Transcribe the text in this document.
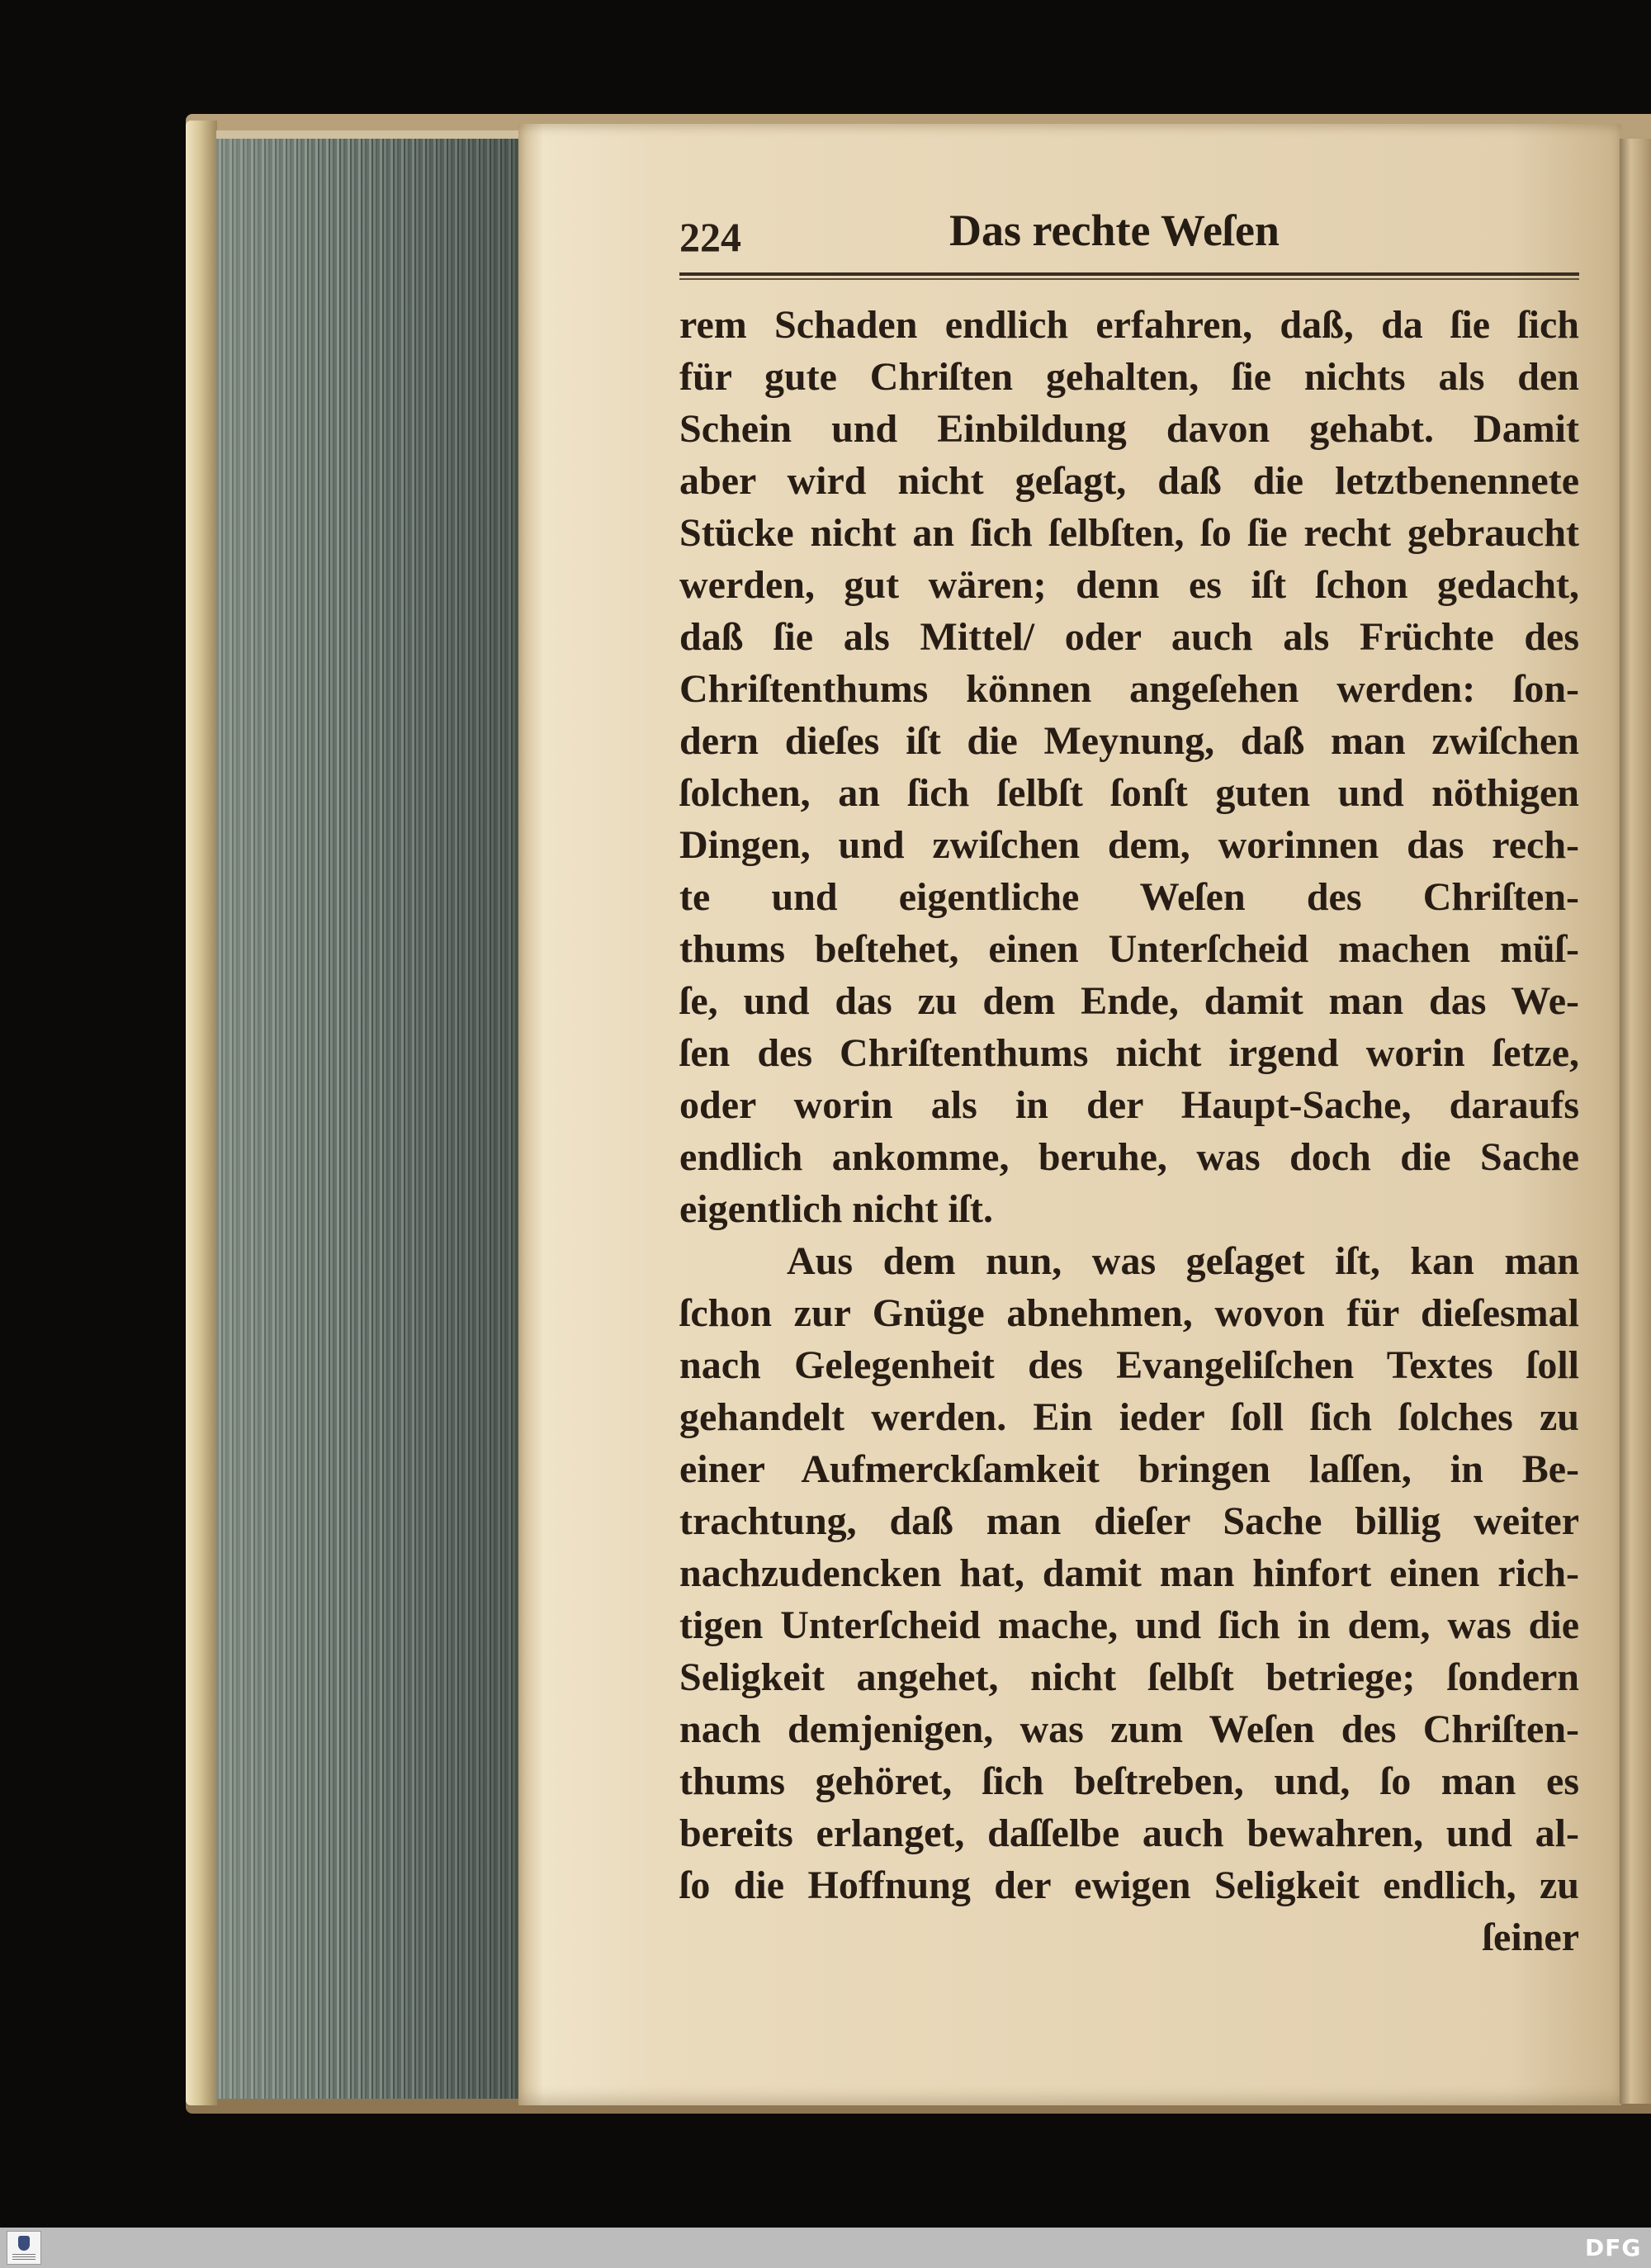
224	Das rechte Weſen
rem Schaden endlich erfahren, daß, da ſie ſich
für gute Chriſten gehalten, ſie nichts als den
Schein und Einbildung davon gehabt. Damit
aber wird nicht geſagt, daß die letztbenennete
Stücke nicht an ſich ſelbſten, ſo ſie recht gebraucht
werden, gut wären; denn es iſt ſchon gedacht,
daß ſie als Mittel/ oder auch als Früchte des
Chriſtenthums können angeſehen werden: ſon-
dern dieſes iſt die Meynung, daß man zwiſchen
ſolchen, an ſich ſelbſt ſonſt guten und nöthigen
Dingen, und zwiſchen dem, worinnen das rech-
te und eigentliche Weſen des Chriſten-
thums beſtehet, einen Unterſcheid machen müſ-
ſe, und das zu dem Ende, damit man das We-
ſen des Chriſtenthums nicht irgend worin ſetze,
oder worin als in der Haupt-Sache, daraufs
endlich ankomme, beruhe, was doch die Sache
eigentlich nicht iſt.
Aus dem nun, was geſaget iſt, kan man
ſchon zur Gnüge abnehmen, wovon für dieſesmal
nach Gelegenheit des Evangeliſchen Textes ſoll
gehandelt werden. Ein ieder ſoll ſich ſolches zu
einer Aufmerckſamkeit bringen laſſen, in Be-
trachtung, daß man dieſer Sache billig weiter
nachzudencken hat, damit man hinfort einen rich-
tigen Unterſcheid mache, und ſich in dem, was die
Seligkeit angehet, nicht ſelbſt betriege; ſondern
nach demjenigen, was zum Weſen des Chriſten-
thums gehöret, ſich beſtreben, und, ſo man es
bereits erlanget, daſſelbe auch bewahren, und al-
ſo die Hoffnung der ewigen Seligkeit endlich, zu
ſeiner
DFG
